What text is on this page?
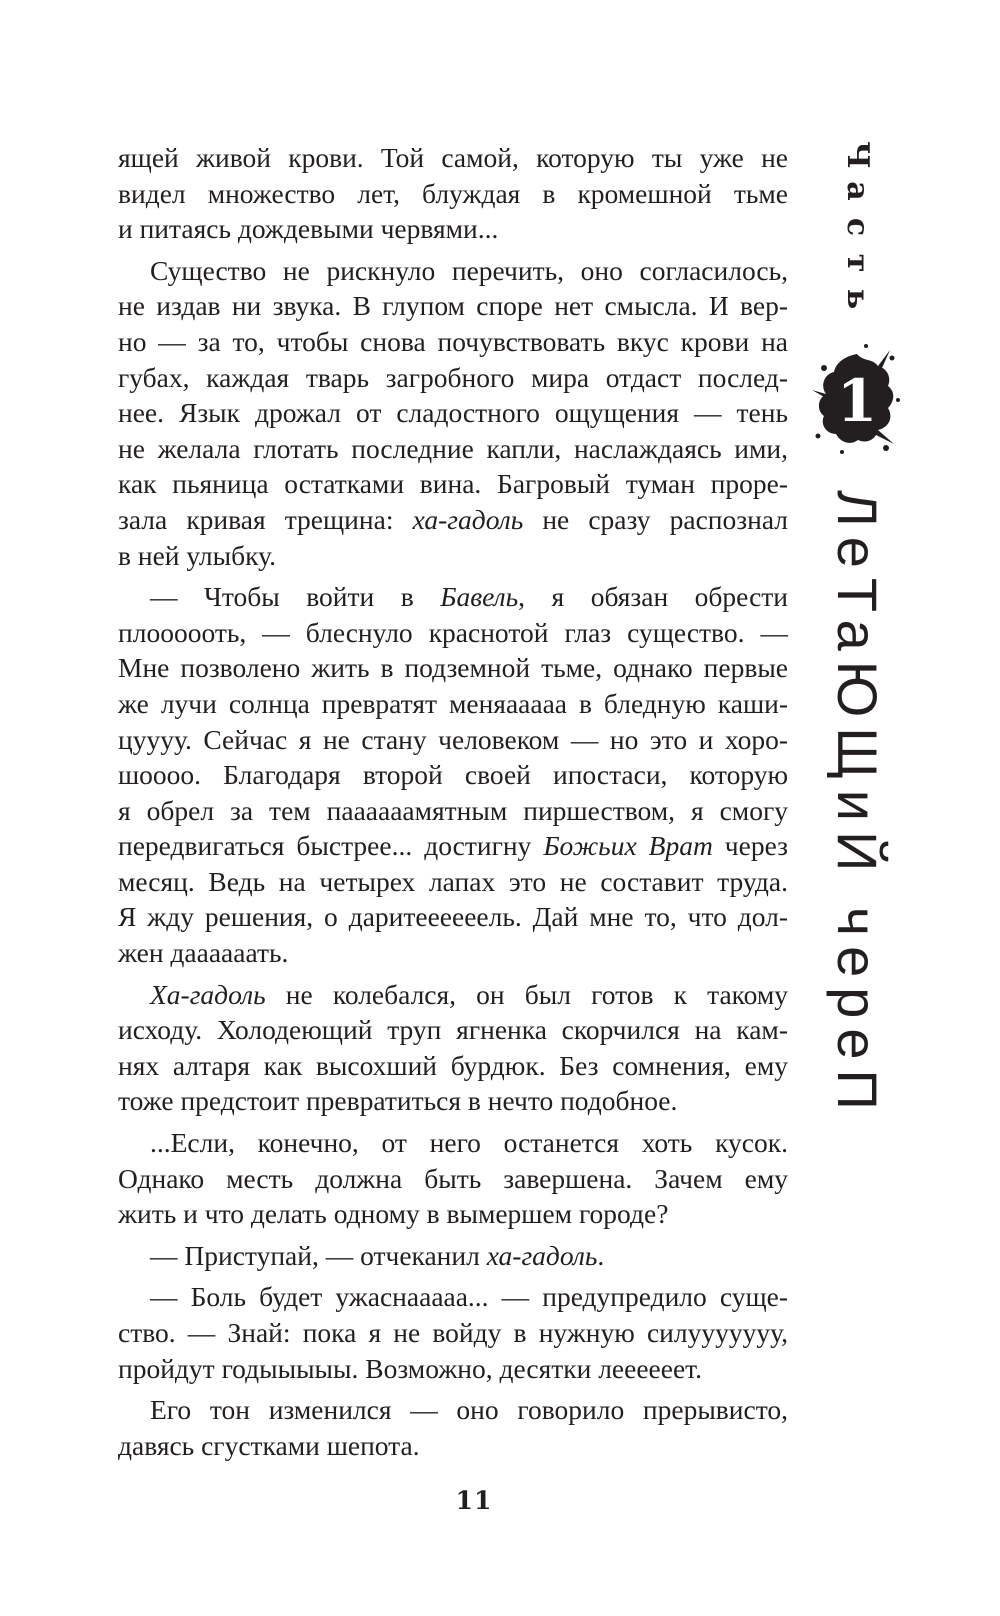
ящей живой крови. Той самой, которую ты уже не

видел множество лет, блуждая в кромешной тьме

и питаясь дождевыми червями...

Существо не рискнуло перечить, оно согласилось,

не издав ни звука. В глупом споре нет смысла. И вер-

но — за то, чтобы снова почувствовать вкус крови на

губах, каждая тварь загробного мира отдаст послед-

нее. Язык дрожал от сладостного ощущения — тень

не желала глотать последние капли, наслаждаясь ими,

как пьяница остатками вина. Багровый туман проре-

зала кривая трещина: ха-гадоль не сразу распознал

в ней улыбку.

— Чтобы войти в Бавель, я обязан обрести

плоооооть, — блеснуло краснотой глаз существо. —

Мне позволено жить в подземной тьме, однако первые

же лучи солнца превратят меняааааа в бледную каши-

цуууу. Сейчас я не стану человеком — но это и хоро-

шоооо. Благодаря второй своей ипостаси, которую

я обрел за тем паааааамятным пиршеством, я смогу

передвигаться быстрее... достигну Божьих Врат через

месяц. Ведь на четырех лапах это не составит труда.

Я жду решения, о даритеееееель. Дай мне то, что дол-

жен даааааать.

Ха-гадоль не колебался, он был готов к такому

исходу. Холодеющий труп ягненка скорчился на кам-

нях алтаря как высохший бурдюк. Без сомнения, ему

тоже предстоит превратиться в нечто подобное.

...Если, конечно, от него останется хоть кусок.

Однако месть должна быть завершена. Зачем ему

жить и что делать одному в вымершем городе?

— Приступай, — отчеканил ха-гадоль.

— Боль будет ужаснааааа... — предупредило суще-

ство. — Знай: пока я не войду в нужную силууууууу,

пройдут годыыыыы. Возможно, десятки леееееет.

Его тон изменился — оно говорило прерывисто,

давясь сгустками шепота.

11
Ч
а
с
т
ь
1
ЛеТаЮЩиЙ череП
